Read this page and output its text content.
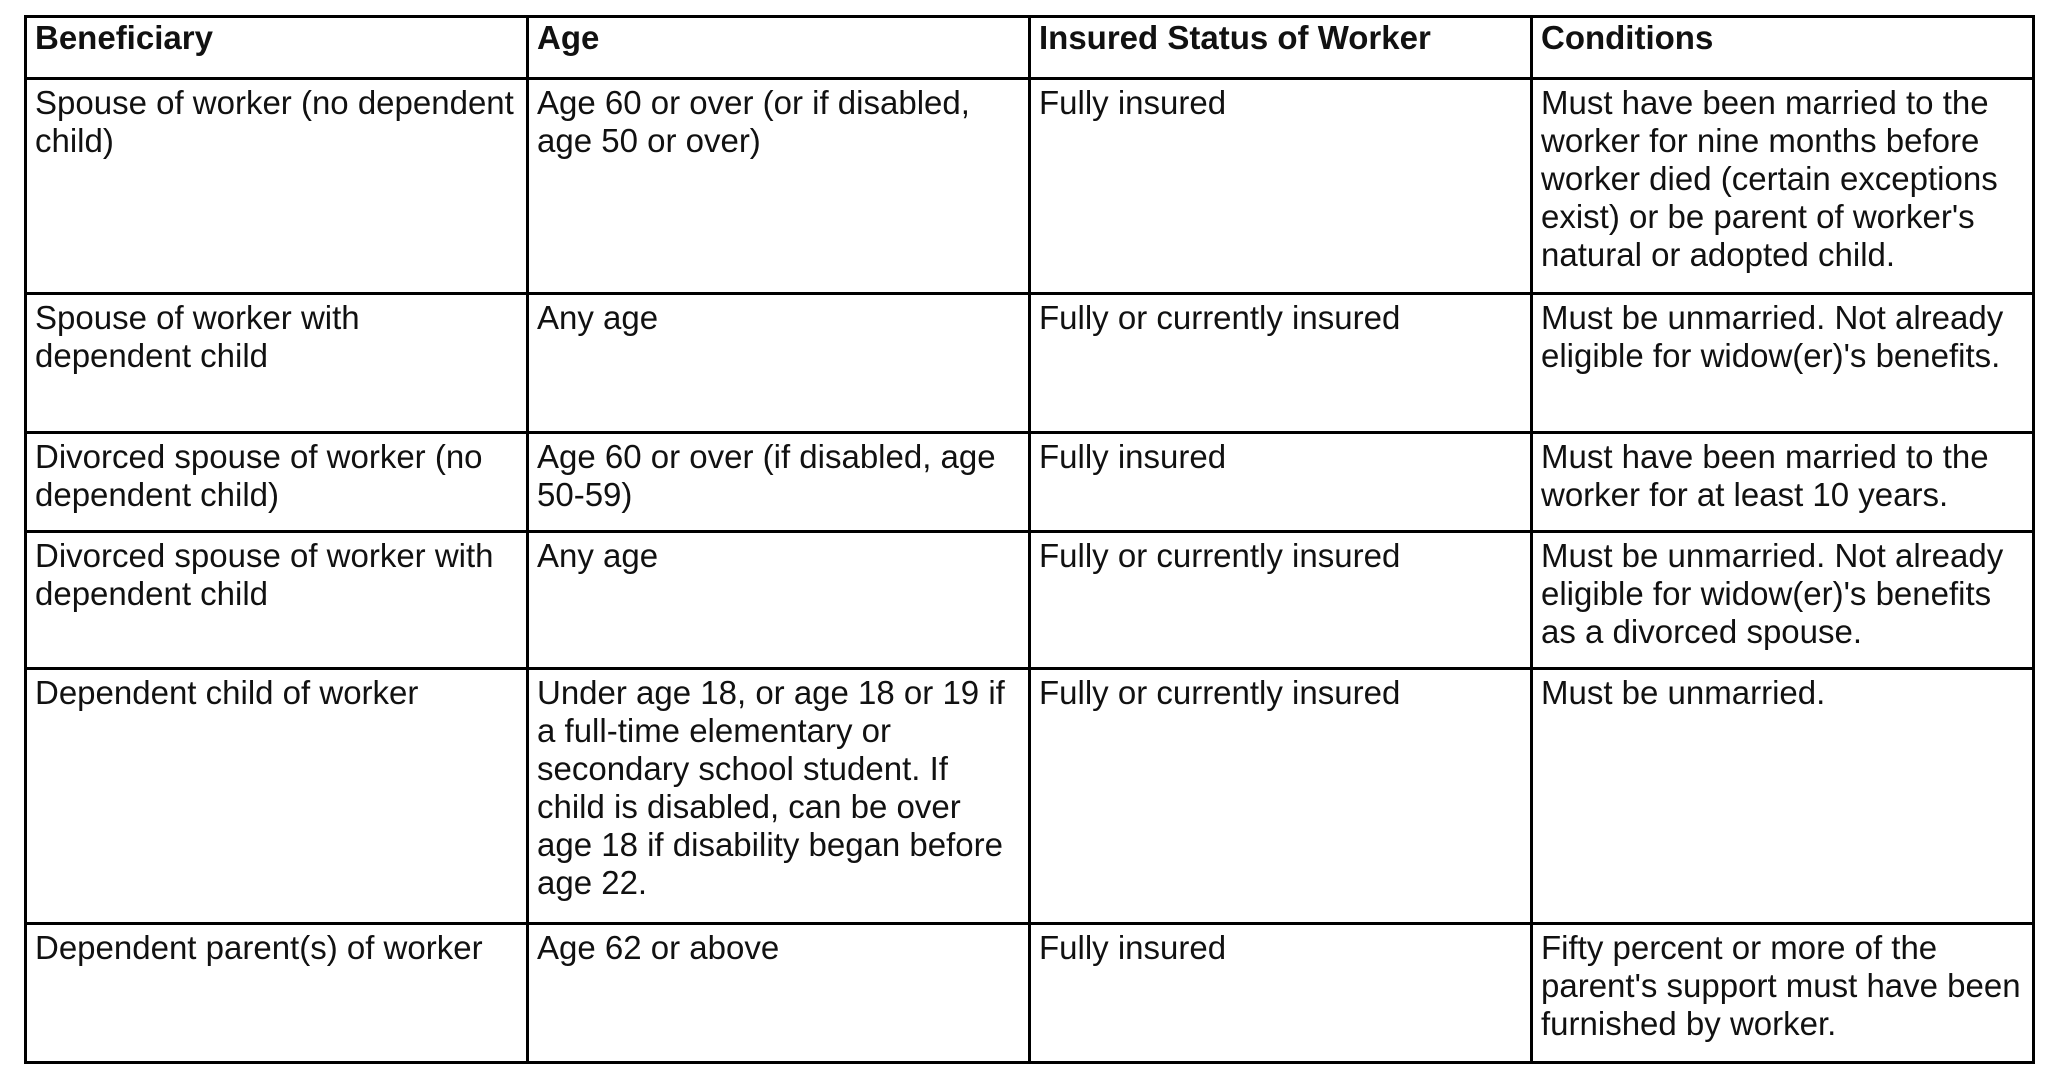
Beneficiary	Age	Insured Status of Worker	Conditions
Spouse of worker (no dependent child)	Age 60 or over (or if disabled, age 50 or over)	Fully insured	Must have been married to the worker for nine months before worker died (certain exceptions exist) or be parent of worker's natural or adopted child.
Spouse of worker with dependent child	Any age	Fully or currently insured	Must be unmarried. Not already eligible for widow(er)'s benefits.
Divorced spouse of worker (no dependent child)	Age 60 or over (if disabled, age 50-59)	Fully insured	Must have been married to the worker for at least 10 years.
Divorced spouse of worker with dependent child	Any age	Fully or currently insured	Must be unmarried. Not already eligible for widow(er)'s benefits as a divorced spouse.
Dependent child of worker	Under age 18, or age 18 or 19 if a full-time elementary or secondary school student. If child is disabled, can be over age 18 if disability began before age 22.	Fully or currently insured	Must be unmarried.
Dependent parent(s) of worker	Age 62 or above	Fully insured	Fifty percent or more of the parent's support must have been furnished by worker.
